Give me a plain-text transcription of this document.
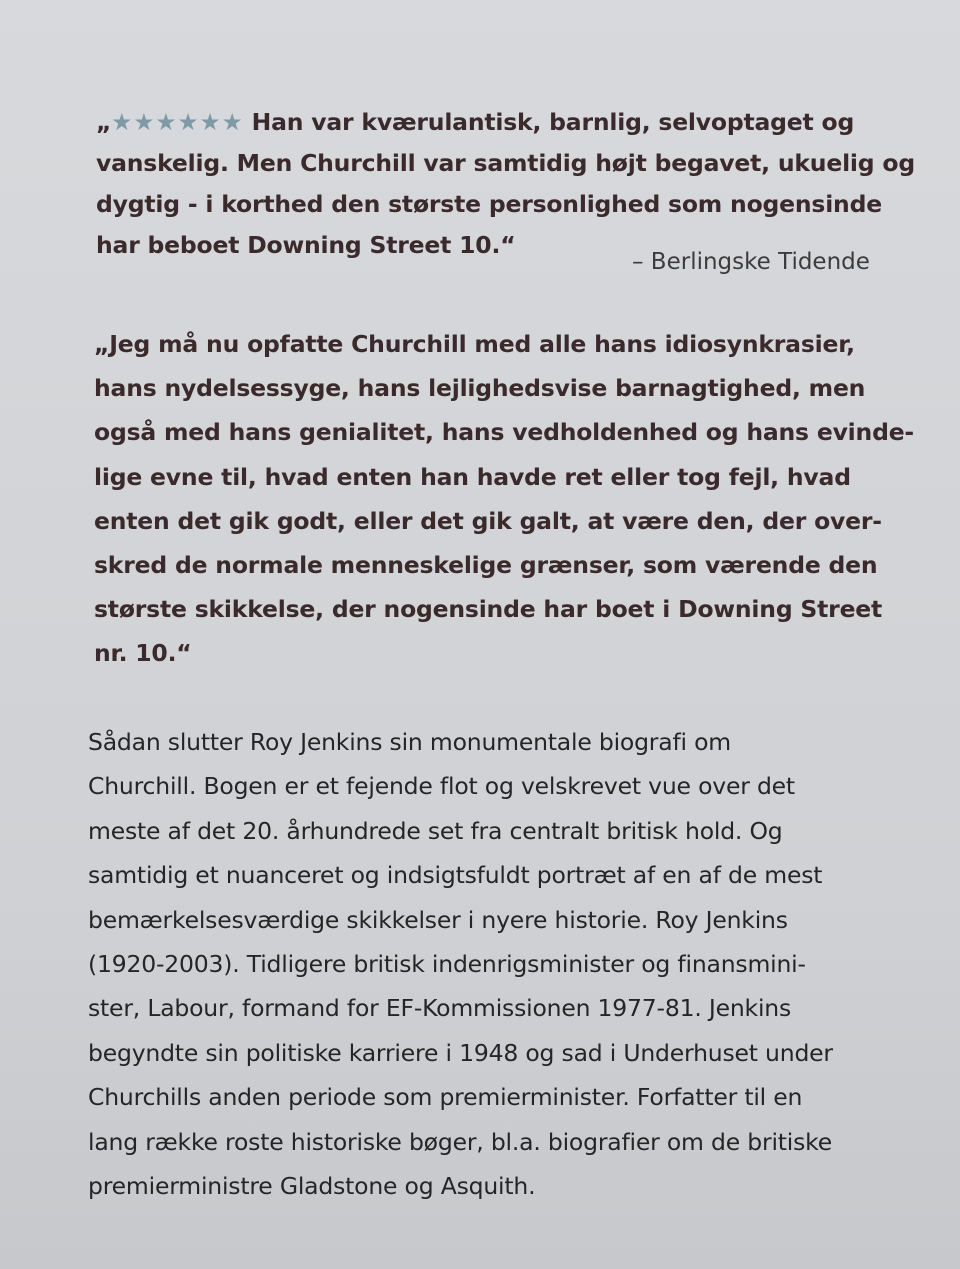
„★★★★★★ Han var kværulantisk, barnlig, selvoptaget og
vanskelig. Men Churchill var samtidig højt begavet, ukuelig og
dygtig - i korthed den største personlighed som nogensinde
har beboet Downing Street 10.“
– Berlingske Tidende
„Jeg må nu opfatte Churchill med alle hans idiosynkrasier,
hans nydelsessyge, hans lejlighedsvise barnagtighed, men
også med hans genialitet, hans vedholdenhed og hans evinde-
lige evne til, hvad enten han havde ret eller tog fejl, hvad
enten det gik godt, eller det gik galt, at være den, der over-
skred de normale menneskelige grænser, som værende den
største skikkelse, der nogensinde har boet i Downing Street
nr. 10.“
Sådan slutter Roy Jenkins sin monumentale biografi om
Churchill. Bogen er et fejende flot og velskrevet vue over det
meste af det 20. århundrede set fra centralt britisk hold. Og
samtidig et nuanceret og indsigtsfuldt portræt af en af de mest
bemærkelsesværdige skikkelser i nyere historie. Roy Jenkins
(1920-2003). Tidligere britisk indenrigsminister og finansmini-
ster, Labour, formand for EF-Kommissionen 1977-81. Jenkins
begyndte sin politiske karriere i 1948 og sad i Underhuset under
Churchills anden periode som premierminister. Forfatter til en
lang række roste historiske bøger, bl.a. biografier om de britiske
premierministre Gladstone og Asquith.
